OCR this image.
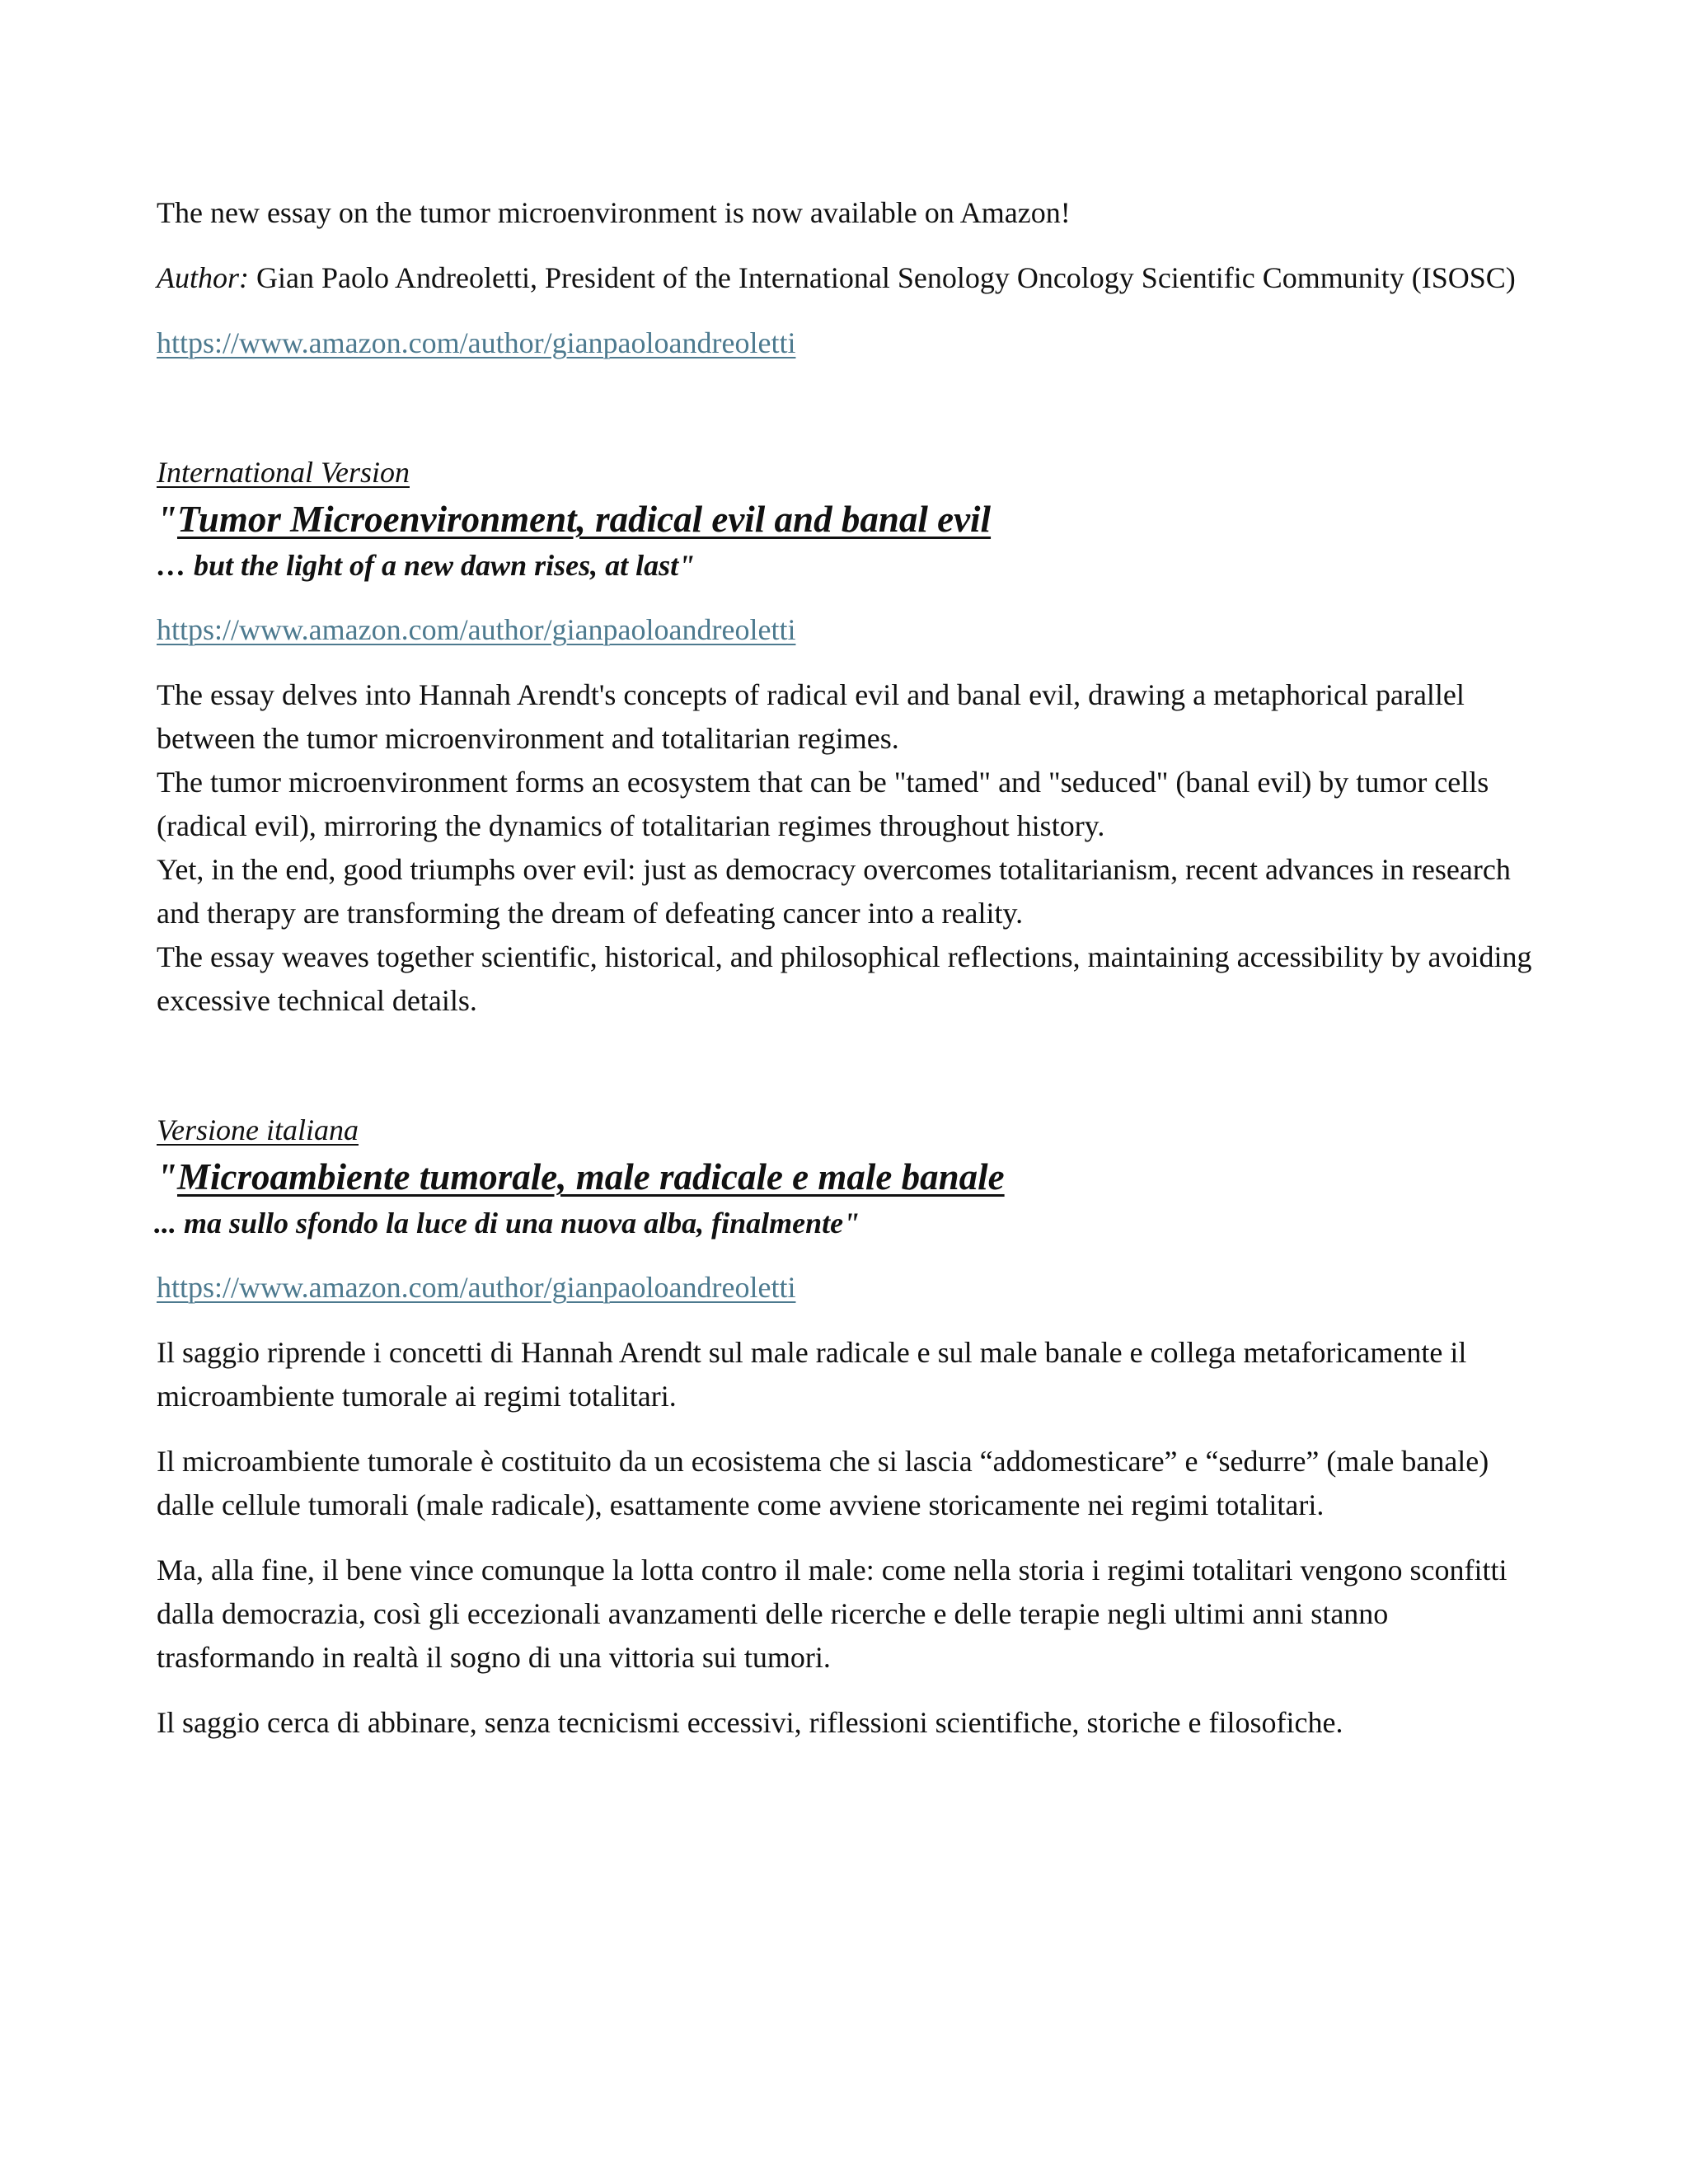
The new essay on the tumor microenvironment is now available on Amazon!

Author: Gian Paolo Andreoletti, President of the International Senology Oncology Scientific Community (ISOSC)

https://www.amazon.com/author/gianpaoloandreoletti

International Version

"Tumor Microenvironment, radical evil and banal evil

… but the light of a new dawn rises, at last"

https://www.amazon.com/author/gianpaoloandreoletti

The essay delves into Hannah Arendt's concepts of radical evil and banal evil, drawing a metaphorical parallel between the tumor microenvironment and totalitarian regimes.
The tumor microenvironment forms an ecosystem that can be "tamed" and "seduced" (banal evil) by tumor cells (radical evil), mirroring the dynamics of totalitarian regimes throughout history.
Yet, in the end, good triumphs over evil: just as democracy overcomes totalitarianism, recent advances in research and therapy are transforming the dream of defeating cancer into a reality.
The essay weaves together scientific, historical, and philosophical reflections, maintaining accessibility by avoiding excessive technical details.

Versione italiana

"Microambiente tumorale, male radicale e male banale

... ma sullo sfondo la luce di una nuova alba, finalmente"

https://www.amazon.com/author/gianpaoloandreoletti

Il saggio riprende i concetti di Hannah Arendt sul male radicale e sul male banale e collega metaforicamente il microambiente tumorale ai regimi totalitari.

Il microambiente tumorale è costituito da un ecosistema che si lascia “addomesticare” e “sedurre” (male banale) dalle cellule tumorali (male radicale), esattamente come avviene storicamente nei regimi totalitari.

Ma, alla fine, il bene vince comunque la lotta contro il male: come nella storia i regimi totalitari vengono sconfitti dalla democrazia, così gli eccezionali avanzamenti delle ricerche e delle terapie negli ultimi anni stanno trasformando in realtà il sogno di una vittoria sui tumori.

Il saggio cerca di abbinare, senza tecnicismi eccessivi, riflessioni scientifiche, storiche e filosofiche.
